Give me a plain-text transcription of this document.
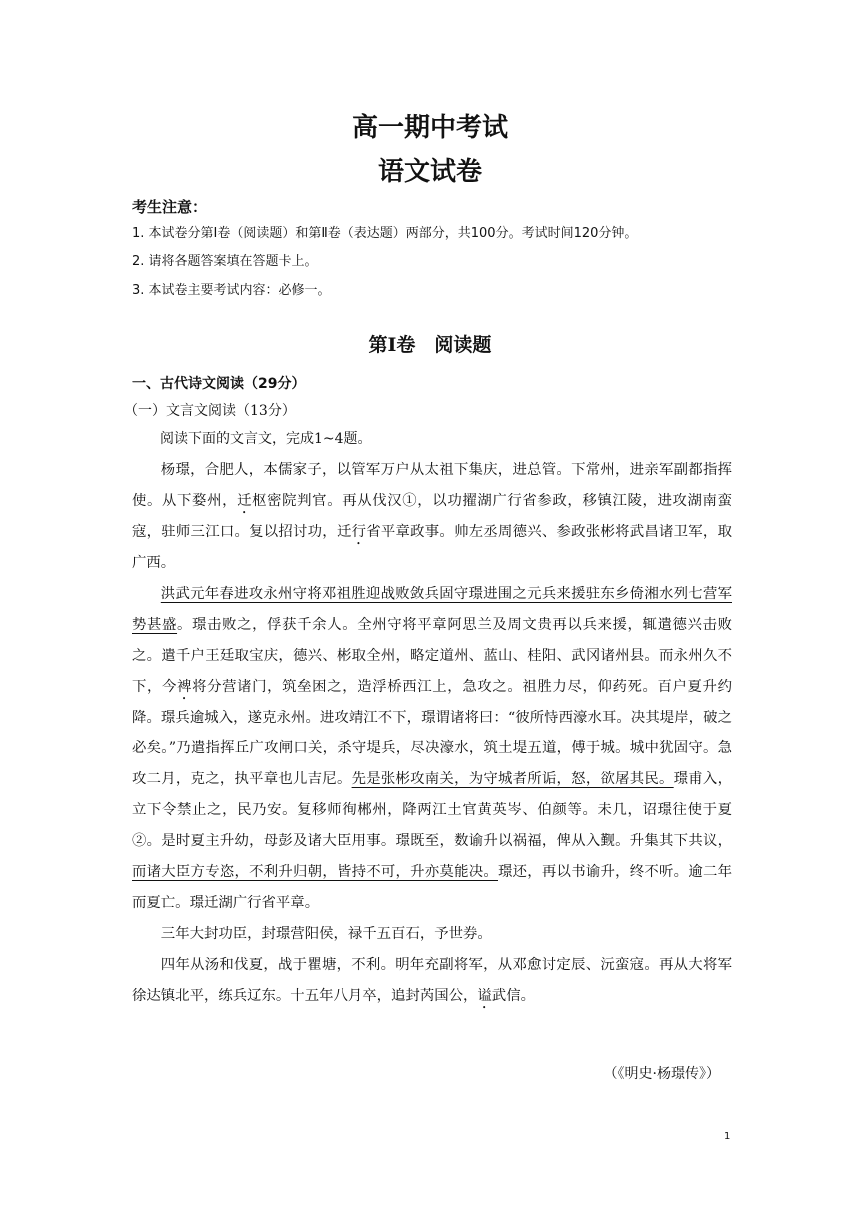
高一期中考试
语文试卷
考生注意：
1. 本试卷分第Ⅰ卷（阅读题）和第Ⅱ卷（表达题）两部分，共100分。考试时间120分钟。
2. 请将各题答案填在答题卡上。
3. 本试卷主要考试内容：必修一。
第Ⅰ卷　阅读题
一、古代诗文阅读（29分）
（一）文言文阅读（13分）
阅读下面的文言文，完成1~4题。

杨璟，合肥人，本儒家子，以管军万户从太祖下集庆，进总管。下常州，进亲军副都指挥使。从下婺州，迁枢密院判官。再从伐汉①，以功擢湖广行省参政，移镇江陵，进攻湖南蛮寇，驻师三江口。复以招讨功，迁行省平章政事。帅左丞周德兴、参政张彬将武昌诸卫军，取广西。

洪武元年春进攻永州守将邓祖胜迎战败敛兵固守璟进围之元兵来援驻东乡倚湘水列七营军势甚盛。璟击败之，俘获千余人。全州守将平章阿思兰及周文贵再以兵来援，辄遣德兴击败之。遣千户王廷取宝庆，德兴、彬取全州，略定道州、蓝山、桂阳、武冈诸州县。而永州久不下，今裨将分营诸门，筑垒困之，造浮桥西江上，急攻之。祖胜力尽，仰药死。百户夏升约降。璟兵逾城入，遂克永州。进攻靖江不下，璟谓诸将曰：“彼所恃西濠水耳。决其堤岸，破之必矣。”乃遣指挥丘广攻闸口关，杀守堤兵，尽决濠水，筑土堤五道，傅于城。城中犹固守。急攻二月，克之，执平章也儿吉尼。先是张彬攻南关，为守城者所诟，怒，欲屠其民。璟甫入，立下令禁止之，民乃安。复移师徇郴州，降两江土官黄英岑、伯颜等。未几，诏璟往使于夏②。是时夏主升幼，母彭及诸大臣用事。璟既至，数谕升以祸福，俾从入觐。升集其下共议，而诸大臣方专恣，不利升归朝，皆持不可，升亦莫能决。璟还，再以书谕升，终不听。逾二年而夏亡。璟迁湖广行省平章。

三年大封功臣，封璟营阳侯，禄千五百石，予世券。

四年从汤和伐夏，战于瞿塘，不利。明年充副将军，从邓愈讨定辰、沅蛮寇。再从大将军徐达镇北平，练兵辽东。十五年八月卒，追封芮国公，谥武信。

（《明史·杨璟传》）
1
